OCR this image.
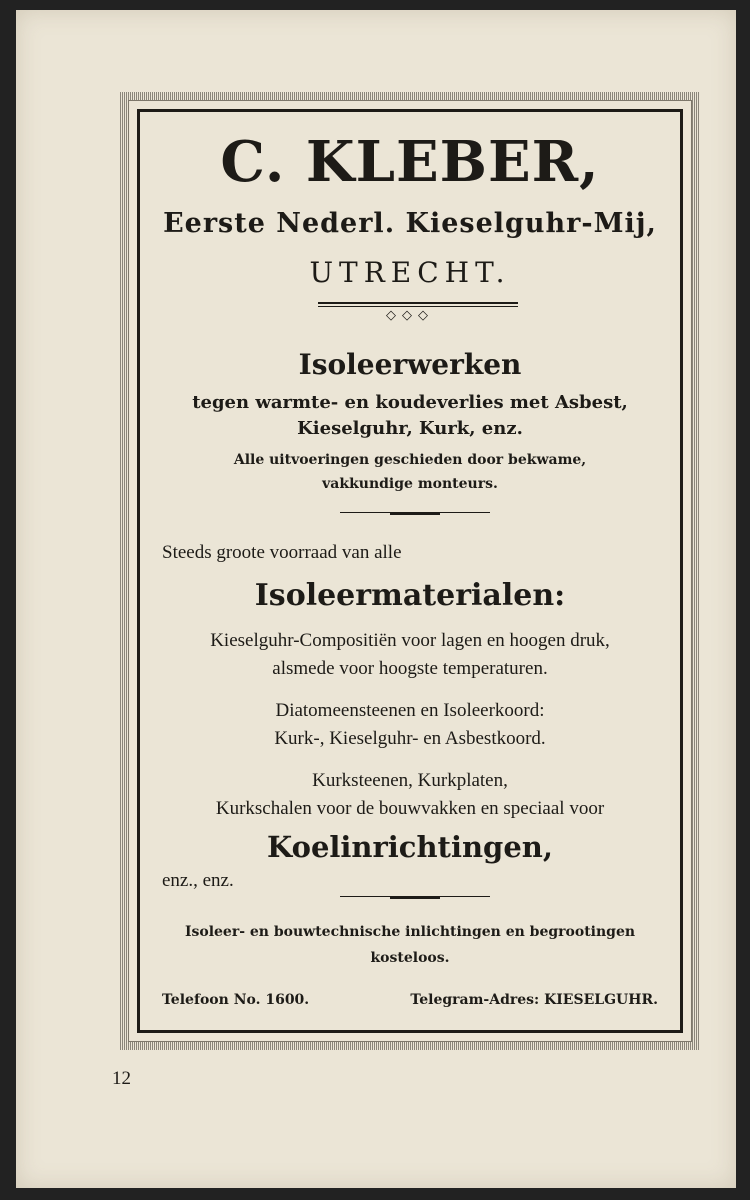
C. KLEBER,
Eerste Nederl. Kieselguhr-Mij,
UTRECHT.
◇◇◇
Isoleerwerken
tegen warmte- en koudeverlies met Asbest,
Kieselguhr, Kurk, enz.
Alle uitvoeringen geschieden door bekwame,
vakkundige monteurs.
Steeds groote voorraad van alle
Isoleermaterialen:
Kieselguhr-Compositiën voor lagen en hoogen druk,
alsmede voor hoogste temperaturen.
Diatomeensteenen en Isoleerkoord:
Kurk-, Kieselguhr- en Asbestkoord.
Kurksteenen, Kurkplaten,
Kurkschalen voor de bouwvakken en speciaal voor
Koelinrichtingen,
enz., enz.
Isoleer- en bouwtechnische inlichtingen en begrootingen
kosteloos.
Telefoon No. 1600.	Telegram-Adres: KIESELGUHR.
12
